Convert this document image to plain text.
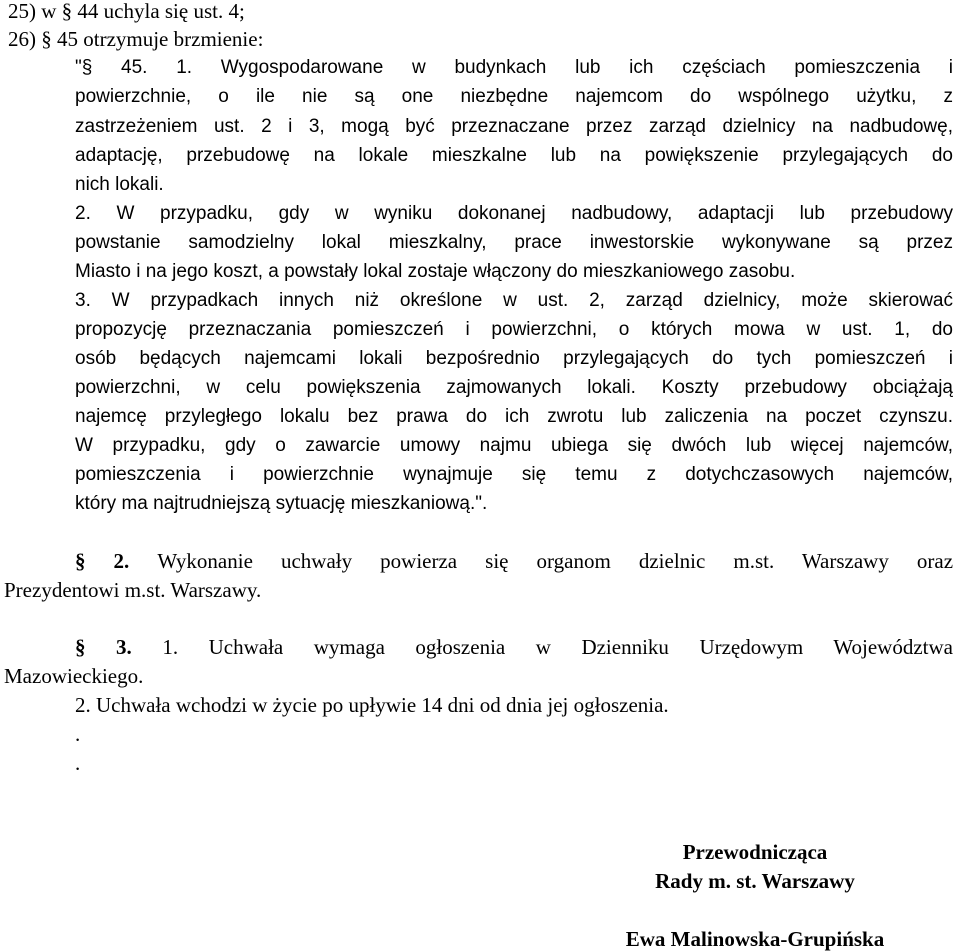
25) w § 44 uchyla się ust. 4;
26) § 45 otrzymuje brzmienie:
"§ 45. 1. Wygospodarowane w budynkach lub ich częściach pomieszczenia i
powierzchnie, o ile nie są one niezbędne najemcom do wspólnego użytku, z
zastrzeżeniem ust. 2 i 3, mogą być przeznaczane przez zarząd dzielnicy na nadbudowę,
adaptację, przebudowę na lokale mieszkalne lub na powiększenie przylegających do
nich lokali.
2. W przypadku, gdy w wyniku dokonanej nadbudowy, adaptacji lub przebudowy
powstanie samodzielny lokal mieszkalny, prace inwestorskie wykonywane są przez
Miasto i na jego koszt, a powstały lokal zostaje włączony do mieszkaniowego zasobu.
3. W przypadkach innych niż określone w ust. 2, zarząd dzielnicy, może skierować
propozycję przeznaczania pomieszczeń i powierzchni, o których mowa w ust. 1, do
osób będących najemcami lokali bezpośrednio przylegających do tych pomieszczeń i
powierzchni, w celu powiększenia zajmowanych lokali. Koszty przebudowy obciążają
najemcę przyległego lokalu bez prawa do ich zwrotu lub zaliczenia na poczet czynszu.
W przypadku, gdy o zawarcie umowy najmu ubiega się dwóch lub więcej najemców,
pomieszczenia i powierzchnie wynajmuje się temu z dotychczasowych najemców,
który ma najtrudniejszą sytuację mieszkaniową.".
§ 2. Wykonanie uchwały powierza się organom dzielnic m.st. Warszawy oraz
Prezydentowi m.st. Warszawy.
§ 3. 1. Uchwała wymaga ogłoszenia w Dzienniku Urzędowym Województwa
Mazowieckiego.
2. Uchwała wchodzi w życie po upływie 14 dni od dnia jej ogłoszenia.
.
.
Przewodnicząca
Rady m. st. Warszawy
Ewa Malinowska-Grupińska
